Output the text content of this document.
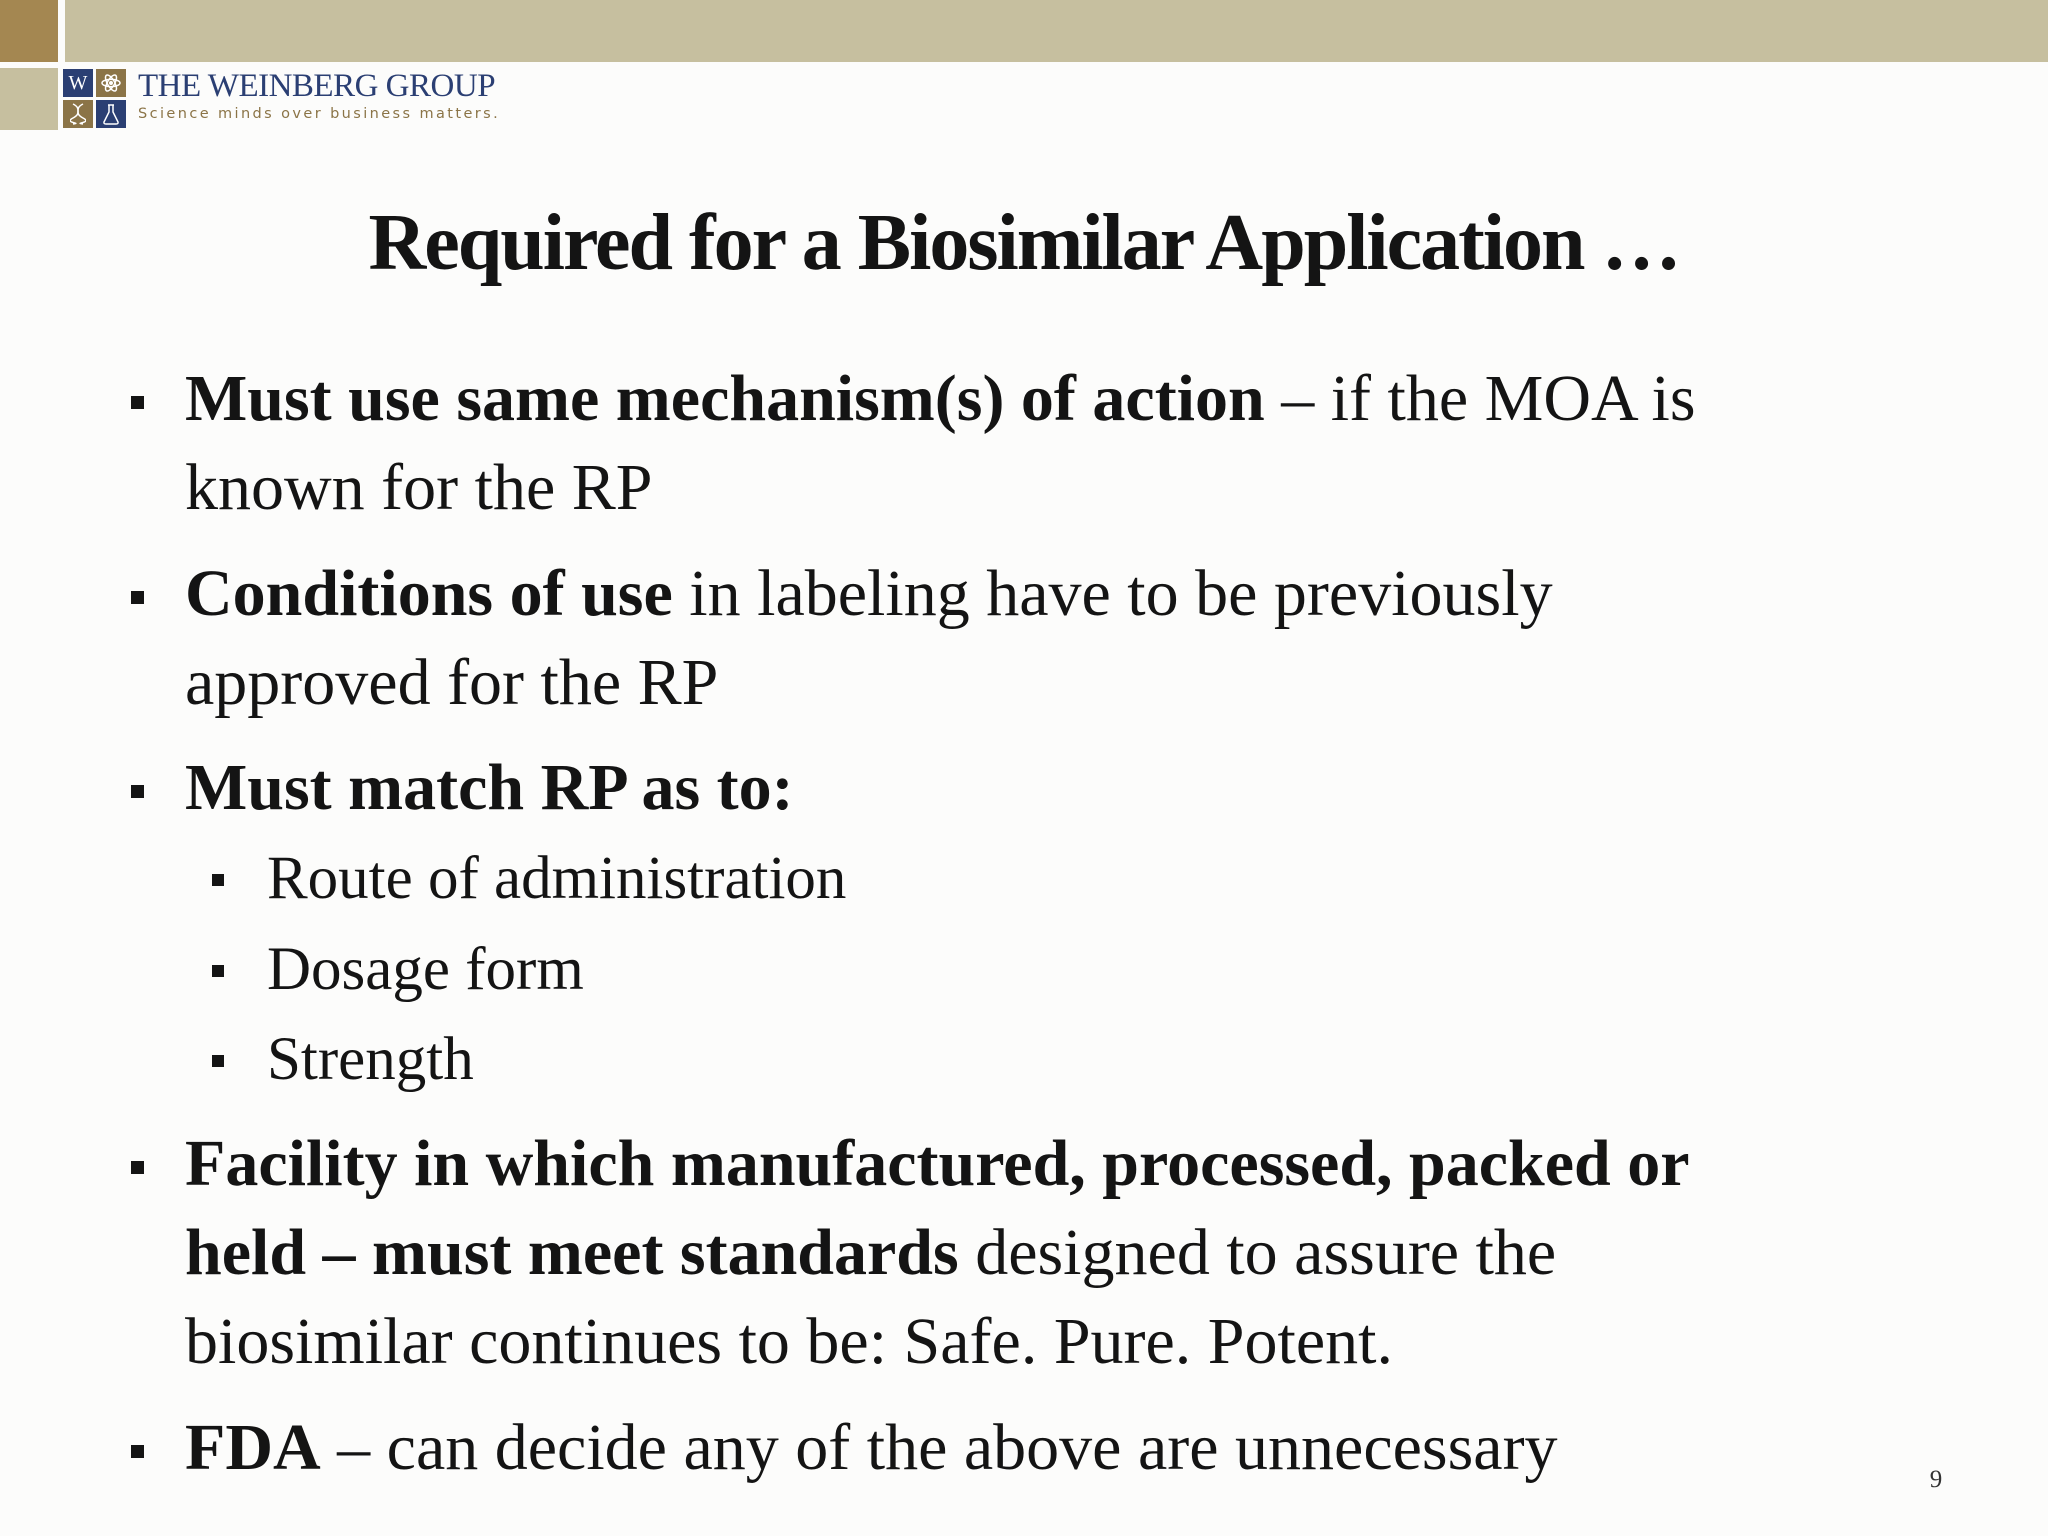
W THE WEINBERG GROUP
Science minds over business matters.
Required for a Biosimilar Application …
Must use same mechanism(s) of action – if the MOA is
known for the RP
Conditions of use in labeling have to be previously
approved for the RP
Must match RP as to:
Route of administration
Dosage form
Strength
Facility in which manufactured, processed, packed or
held – must meet standards designed to assure the
biosimilar continues to be: Safe. Pure. Potent.
FDA – can decide any of the above are unnecessary	9
